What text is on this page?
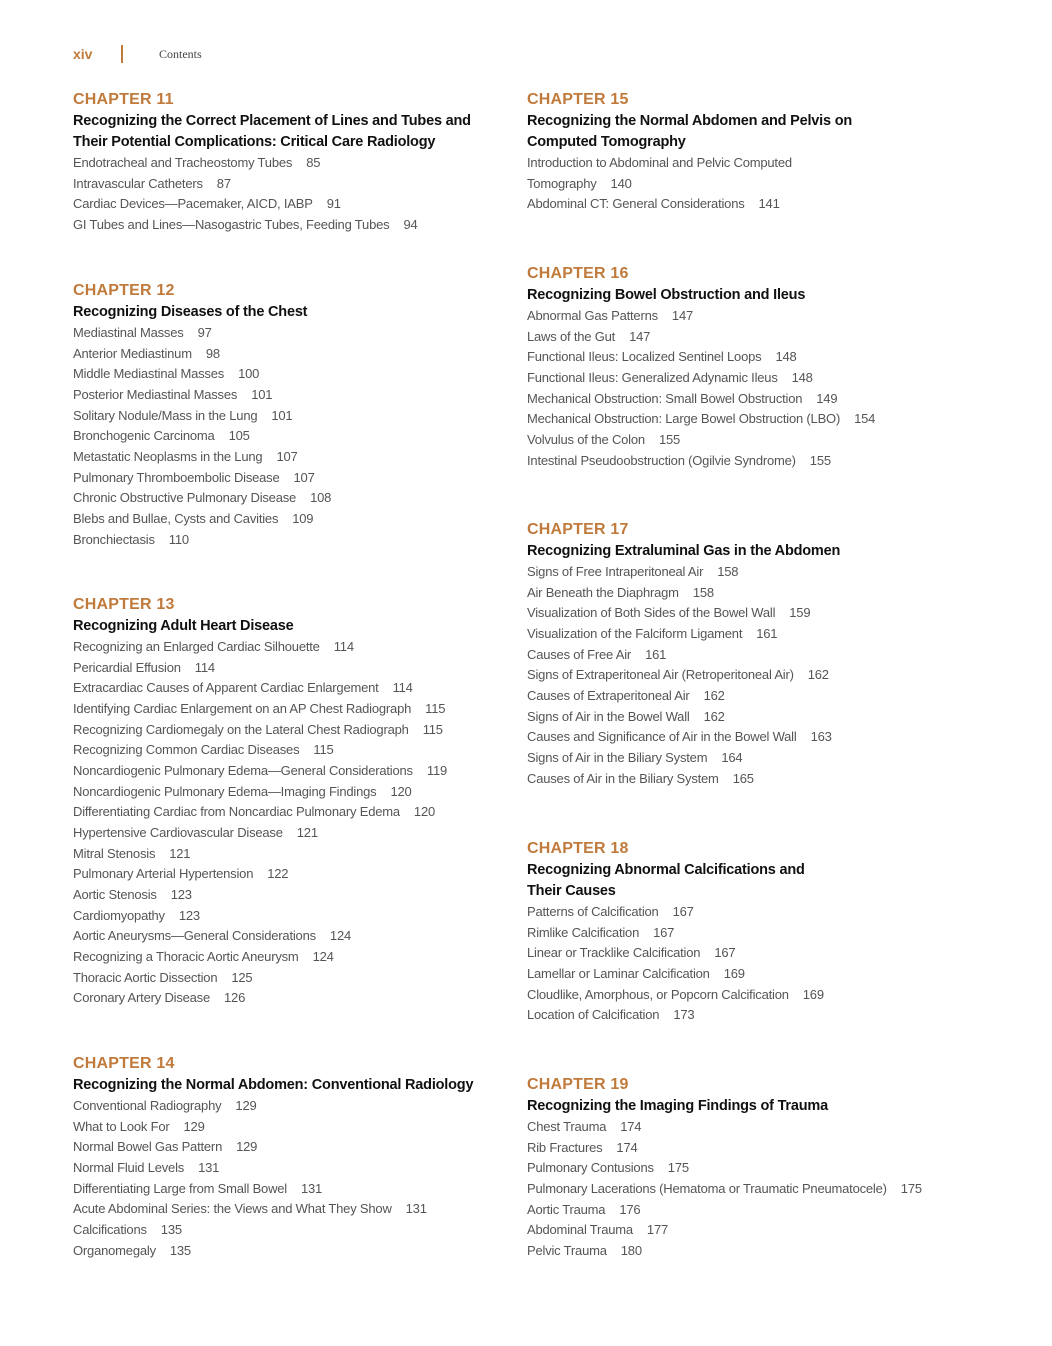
xiv	Contents
CHAPTER 11
Recognizing the Correct Placement of Lines and Tubes and
Their Potential Complications: Critical Care Radiology
Endotracheal and Tracheostomy Tubes 85
Intravascular Catheters 87
Cardiac Devices—Pacemaker, AICD, IABP 91
GI Tubes and Lines—Nasogastric Tubes, Feeding Tubes 94
CHAPTER 12
Recognizing Diseases of the Chest
Mediastinal Masses 97
Anterior Mediastinum 98
Middle Mediastinal Masses 100
Posterior Mediastinal Masses 101
Solitary Nodule/Mass in the Lung 101
Bronchogenic Carcinoma 105
Metastatic Neoplasms in the Lung 107
Pulmonary Thromboembolic Disease 107
Chronic Obstructive Pulmonary Disease 108
Blebs and Bullae, Cysts and Cavities 109
Bronchiectasis 110
CHAPTER 13
Recognizing Adult Heart Disease
Recognizing an Enlarged Cardiac Silhouette 114
Pericardial Effusion 114
Extracardiac Causes of Apparent Cardiac Enlargement 114
Identifying Cardiac Enlargement on an AP Chest Radiograph 115
Recognizing Cardiomegaly on the Lateral Chest Radiograph 115
Recognizing Common Cardiac Diseases 115
Noncardiogenic Pulmonary Edema—General Considerations 119
Noncardiogenic Pulmonary Edema—Imaging Findings 120
Differentiating Cardiac from Noncardiac Pulmonary Edema 120
Hypertensive Cardiovascular Disease 121
Mitral Stenosis 121
Pulmonary Arterial Hypertension 122
Aortic Stenosis 123
Cardiomyopathy 123
Aortic Aneurysms—General Considerations 124
Recognizing a Thoracic Aortic Aneurysm 124
Thoracic Aortic Dissection 125
Coronary Artery Disease 126
CHAPTER 14
Recognizing the Normal Abdomen: Conventional Radiology
Conventional Radiography 129
What to Look For 129
Normal Bowel Gas Pattern 129
Normal Fluid Levels 131
Differentiating Large from Small Bowel 131
Acute Abdominal Series: the Views and What They Show 131
Calcifications 135
Organomegaly 135
CHAPTER 15
Recognizing the Normal Abdomen and Pelvis on
Computed Tomography
Introduction to Abdominal and Pelvic Computed
Tomography 140
Abdominal CT: General Considerations 141
CHAPTER 16
Recognizing Bowel Obstruction and Ileus
Abnormal Gas Patterns 147
Laws of the Gut 147
Functional Ileus: Localized Sentinel Loops 148
Functional Ileus: Generalized Adynamic Ileus 148
Mechanical Obstruction: Small Bowel Obstruction 149
Mechanical Obstruction: Large Bowel Obstruction (LBO) 154
Volvulus of the Colon 155
Intestinal Pseudoobstruction (Ogilvie Syndrome) 155
CHAPTER 17
Recognizing Extraluminal Gas in the Abdomen
Signs of Free Intraperitoneal Air 158
Air Beneath the Diaphragm 158
Visualization of Both Sides of the Bowel Wall 159
Visualization of the Falciform Ligament 161
Causes of Free Air 161
Signs of Extraperitoneal Air (Retroperitoneal Air) 162
Causes of Extraperitoneal Air 162
Signs of Air in the Bowel Wall 162
Causes and Significance of Air in the Bowel Wall 163
Signs of Air in the Biliary System 164
Causes of Air in the Biliary System 165
CHAPTER 18
Recognizing Abnormal Calcifications and
Their Causes
Patterns of Calcification 167
Rimlike Calcification 167
Linear or Tracklike Calcification 167
Lamellar or Laminar Calcification 169
Cloudlike, Amorphous, or Popcorn Calcification 169
Location of Calcification 173
CHAPTER 19
Recognizing the Imaging Findings of Trauma
Chest Trauma 174
Rib Fractures 174
Pulmonary Contusions 175
Pulmonary Lacerations (Hematoma or Traumatic Pneumatocele) 175
Aortic Trauma 176
Abdominal Trauma 177
Pelvic Trauma 180
